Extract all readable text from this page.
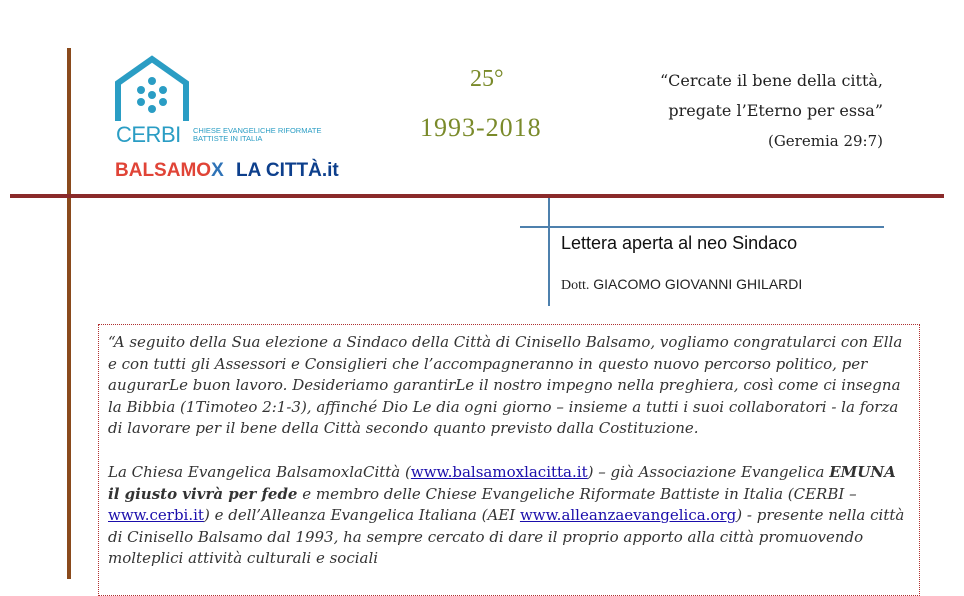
CERBI CHIESE EVANGELICHE RIFORMATE BATTISTE IN ITALIA
BALSAMOX LA CITTÀ.it
25°
1993-2018
“Cercate il bene della città,
pregate l’Eterno per essa”
(Geremia 29:7)
Lettera aperta al neo Sindaco
Dott. GIACOMO GIOVANNI GHILARDI

“A seguito della Sua elezione a Sindaco della Città di Cinisello Balsamo, vogliamo congratularci con Ella e con tutti gli Assessori e Consiglieri che l’accompagneranno in questo nuovo percorso politico, per augurarLe buon lavoro. Desideriamo garantirLe il nostro impegno nella preghiera, così come ci insegna la Bibbia (1Timoteo 2:1-3), affinché Dio Le dia ogni giorno – insieme a tutti i suoi collaboratori - la forza di lavorare per il bene della Città secondo quanto previsto dalla Costituzione.

La Chiesa Evangelica BalsamoxlaCittà (www.balsamoxlacitta.it) – già Associazione Evangelica EMUNA il giusto vivrà per fede e membro delle Chiese Evangeliche Riformate Battiste in Italia (CERBI – www.cerbi.it) e dell’Alleanza Evangelica Italiana (AEI www.alleanzaevangelica.org) - presente nella città di Cinisello Balsamo dal 1993, ha sempre cercato di dare il proprio apporto alla città promuovendo molteplici attività culturali e sociali
